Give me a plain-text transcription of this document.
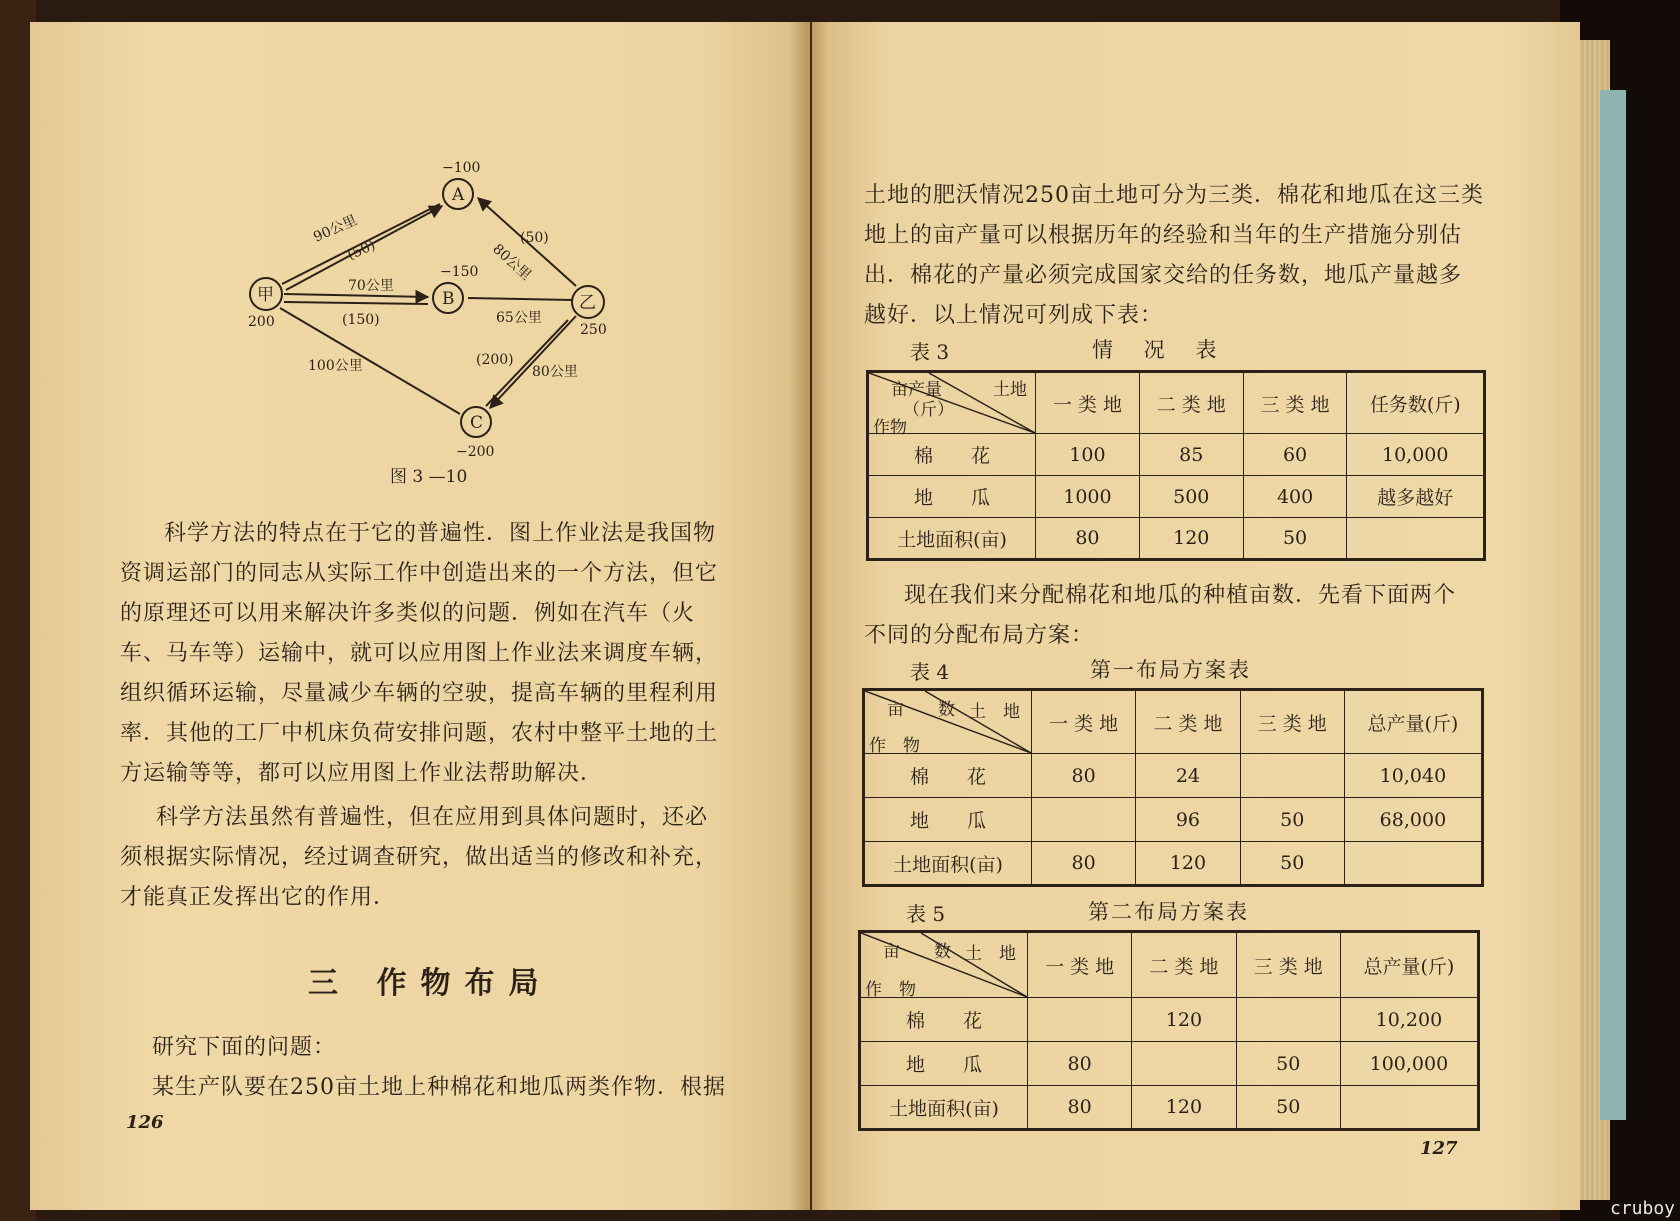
A
B
C
甲	乙
−100
−150
−200
200	250
90公里
(50)
70公里
(150)
100公里
(50)
80公里
65公里
(200)
80公里
图 3 —10
科学方法的特点在于它的普遍性．图上作业法是我国物
资调运部门的同志从实际工作中创造出来的一个方法，但它
的原理还可以用来解决许多类似的问题．例如在汽车（火
车、马车等）运输中，就可以应用图上作业法来调度车辆，
组织循环运输，尽量减少车辆的空驶，提高车辆的里程利用
率．其他的工厂中机床负荷安排问题，农村中整平土地的土
方运输等等，都可以应用图上作业法帮助解决．
科学方法虽然有普遍性，但在应用到具体问题时，还必
须根据实际情况，经过调查研究，做出适当的修改和补充，
才能真正发挥出它的作用．
三 作物布局
研究下面的问题：
某生产队要在250亩土地上种棉花和地瓜两类作物．根据
126
土地的肥沃情况250亩土地可分为三类．棉花和地瓜在这三类
地上的亩产量可以根据历年的经验和当年的生产措施分别估
出．棉花的产量必须完成国家交给的任务数，地瓜产量越多
越好．以上情况可列成下表：
表 3	情 况 表
亩产量
（斤）
土地
作物	一 类 地	二 类 地	三 类 地	任务数(斤)
棉　　花	100	85	60	10,000
地　　瓜	1000	500	400	越多越好
土地面积(亩)	80	120	50	
现在我们来分配棉花和地瓜的种植亩数．先看下面两个
不同的分配布局方案：
表 4	第一布局方案表
亩　　数 土　地
作　物	一 类 地	二 类 地	三 类 地	总产量(斤)
棉　　花	80	24		10,040
地　　瓜		96	50	68,000
土地面积(亩)	80	120	50	
表 5	第二布局方案表
亩　　数 土　地
作　物	一 类 地	二 类 地	三 类 地	总产量(斤)
棉　　花		120		10,200
地　　瓜	80		50	100,000
土地面积(亩)	80	120	50	
127
cruboy
